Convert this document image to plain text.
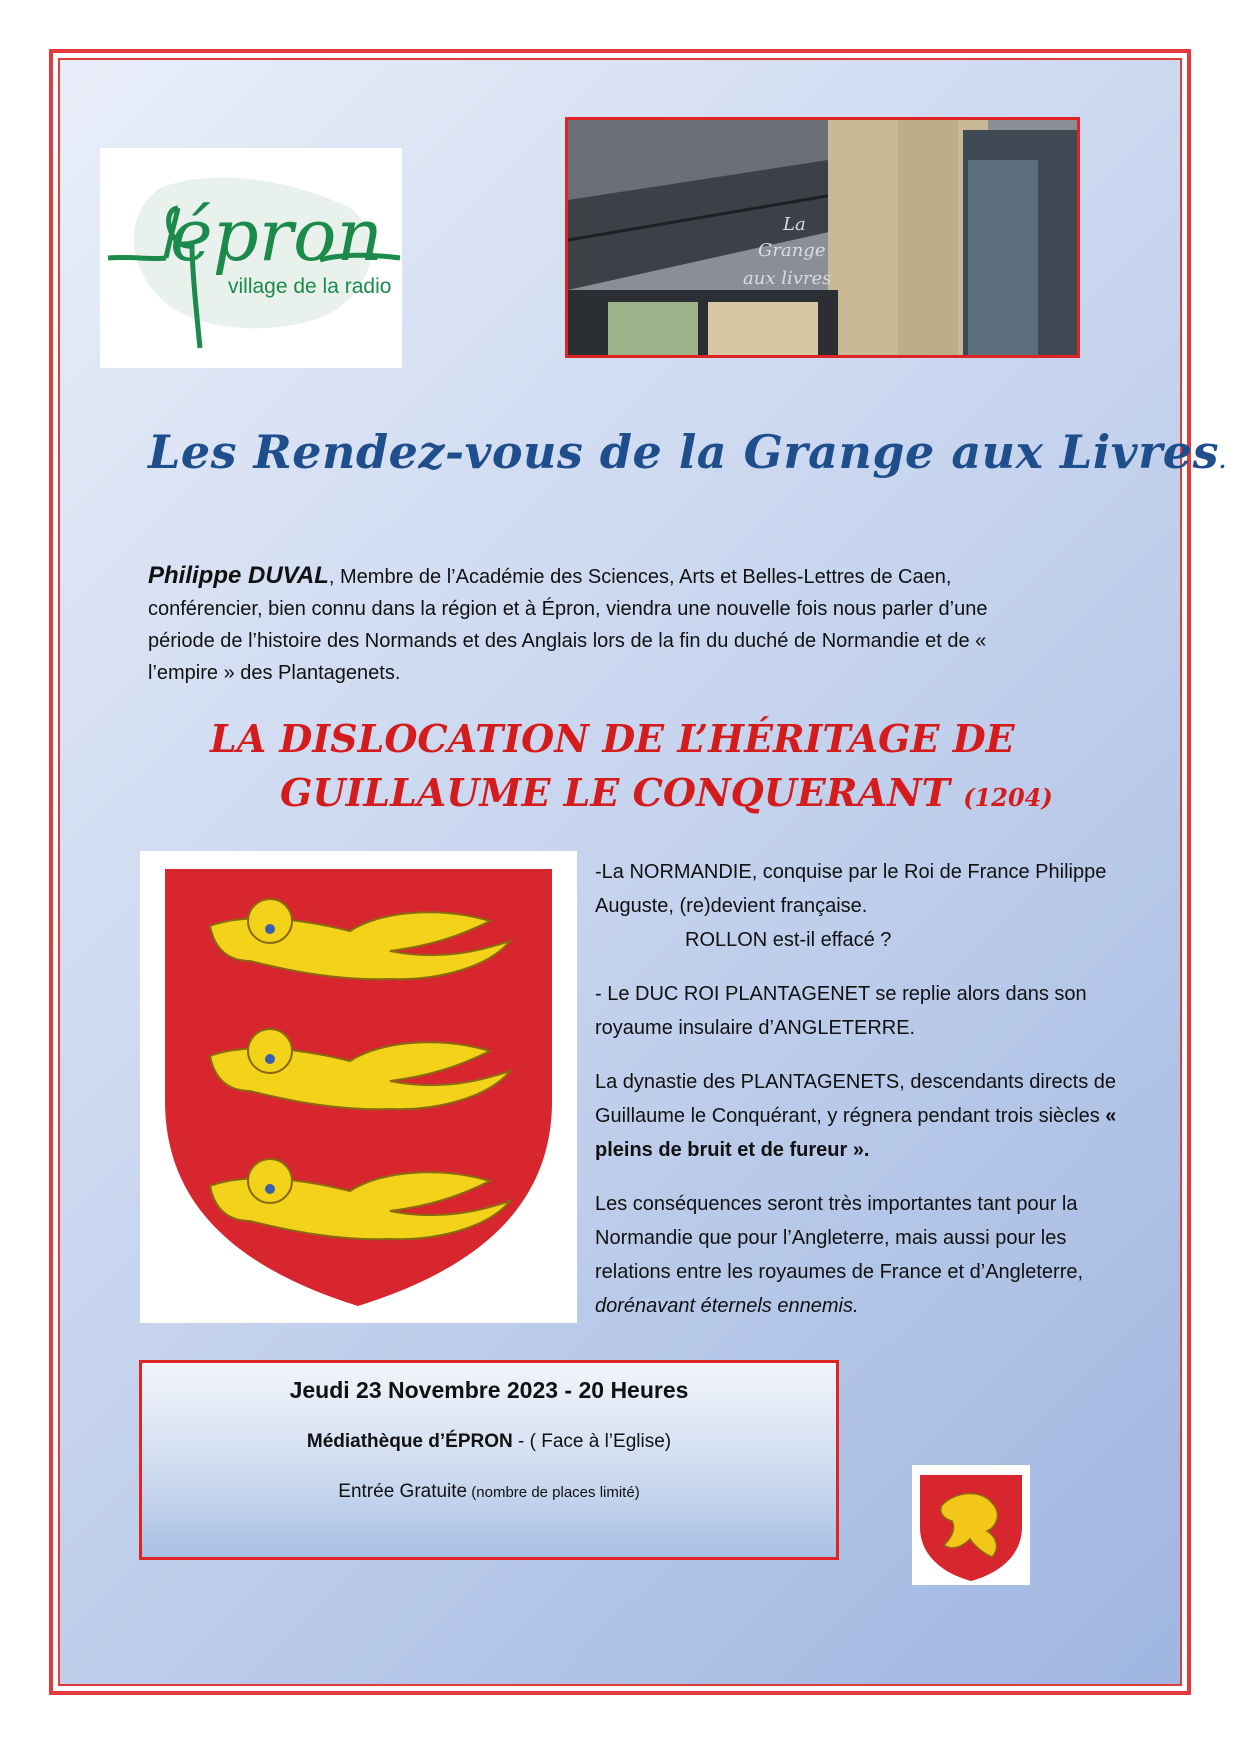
épron
village de la radio
La
Grange
aux livres
Les Rendez-vous de la Grange aux Livres.

Philippe DUVAL, Membre de l’Académie des Sciences, Arts et Belles-Lettres de Caen, conférencier, bien connu dans la région et à Épron, viendra une nouvelle fois nous parler d’une période de l’histoire des Normands et des Anglais lors de la fin du duché de Normandie et de « l’empire » des Plantagenets.

LA DISLOCATION DE L’HÉRITAGE DE
GUILLAUME LE CONQUERANT (1204)

-La NORMANDIE, conquise par le Roi de France Philippe Auguste, (re)devient française.
ROLLON est-il effacé ?

- Le DUC ROI PLANTAGENET se replie alors dans son royaume insulaire d’ANGLETERRE.

La dynastie des PLANTAGENETS, descendants directs de Guillaume le Conquérant, y régnera pendant trois siècles « pleins de bruit et de fureur ».

Les conséquences seront très importantes tant pour la Normandie que pour l’Angleterre, mais aussi pour les relations entre les royaumes de France et d’Angleterre, dorénavant éternels ennemis.

Jeudi 23 Novembre 2023 - 20 Heures
Médiathèque d’ÉPRON - ( Face à l’Eglise)
Entrée Gratuite (nombre de places limité)
